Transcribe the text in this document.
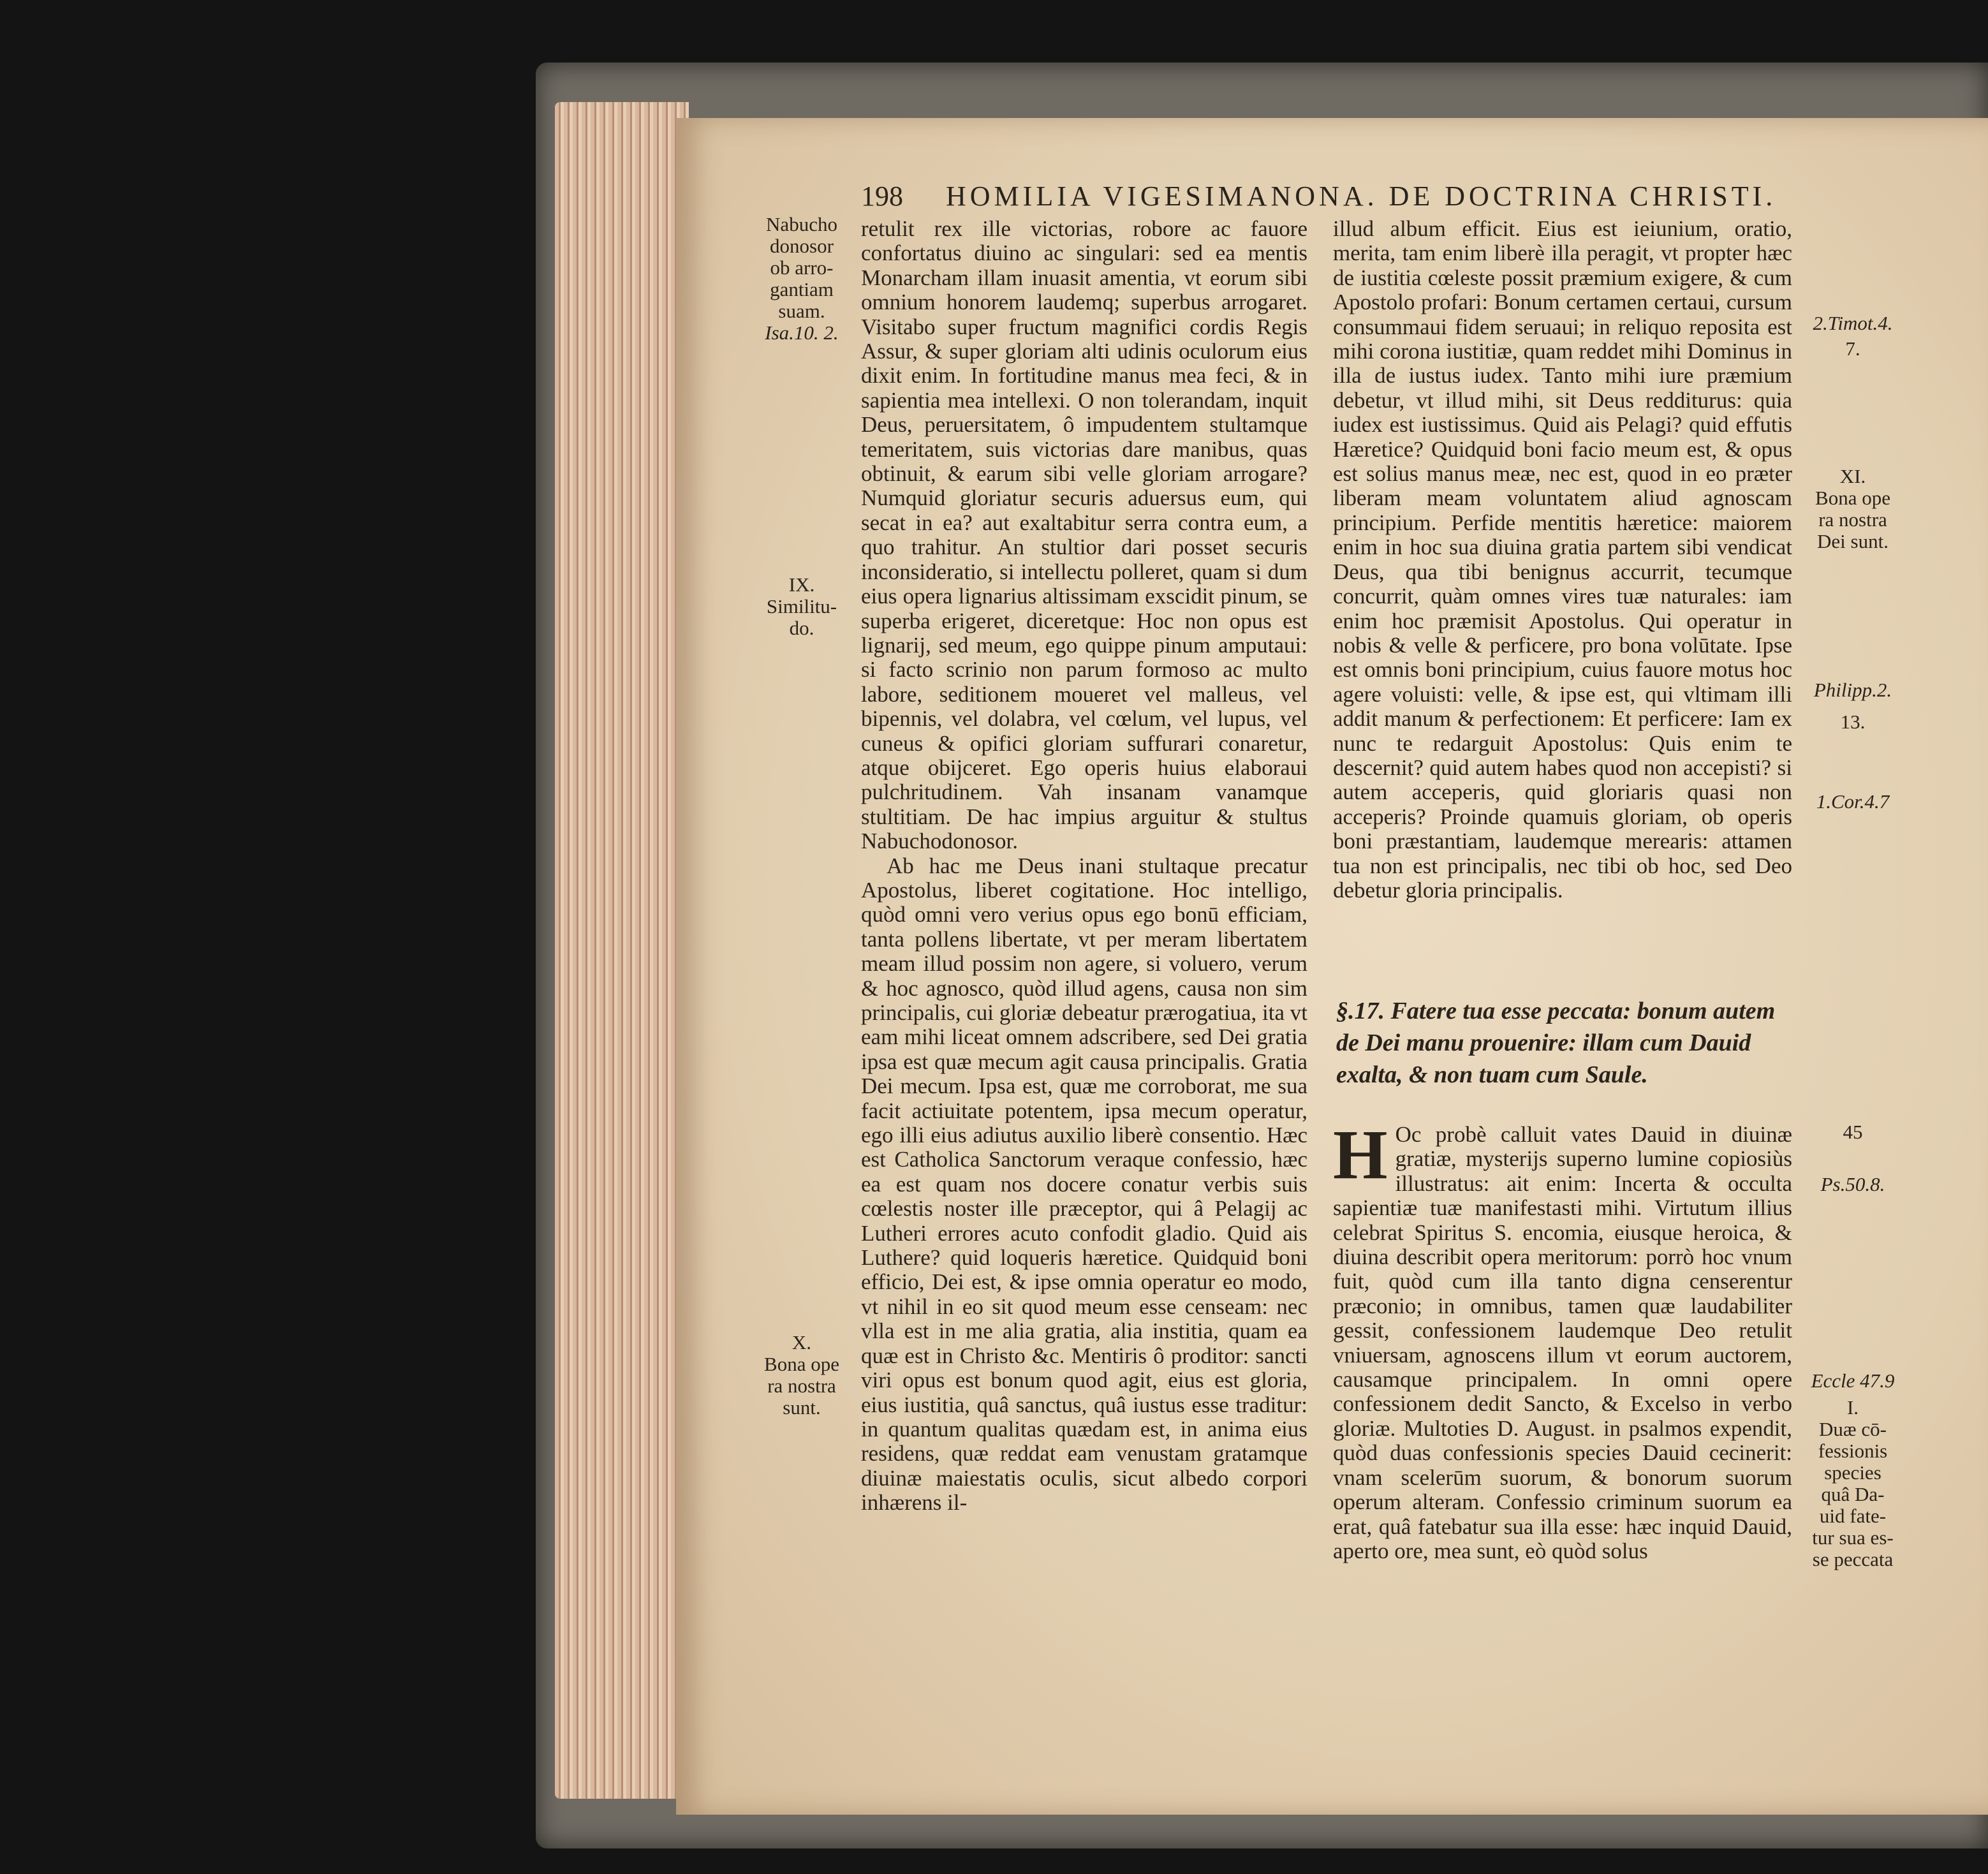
198 HOMILIA VIGESIMANONA. DE DOCTRINA CHRISTI.
Nabucho
donosor
ob arro-
gantiam
suam.
Isa.10. 2.
IX.
Similitu-
do.
X.
Bona ope
ra nostra
sunt.

retulit rex ille victorias, robore ac fauore confortatus diuino ac singulari: sed ea mentis Monarcham illam inuasit amentia, vt eorum sibi omnium honorem laudemq; superbus arrogaret. Visitabo super fructum magnifici cordis Regis Assur, & super gloriam alti udinis oculorum eius dixit enim. In fortitudine manus mea feci, & in sapientia mea intellexi. O non tolerandam, inquit Deus, peruersitatem, ô impudentem stultamque temeritatem, suis victorias dare manibus, quas obtinuit, & earum sibi velle gloriam arrogare? Numquid gloriatur securis aduersus eum, qui secat in ea? aut exaltabitur serra contra eum, a quo trahitur. An stultior dari posset securis inconsideratio, si intellectu polleret, quam si dum eius opera lignarius altissimam exscidit pinum, se superba erigeret, diceretque: Hoc non opus est lignarij, sed meum, ego quippe pinum amputaui: si facto scrinio non parum formoso ac multo labore, seditionem moueret vel malleus, vel bipennis, vel dolabra, vel cœlum, vel lupus, vel cuneus & opifici gloriam suffurari conaretur, atque obijceret. Ego operis huius elaboraui pulchritudinem. Vah insanam vanamque stultitiam. De hac impius arguitur & stultus Nabuchodonosor.

Ab hac me Deus inani stultaque precatur Apostolus, liberet cogitatione. Hoc intelligo, quòd omni vero verius opus ego bonū efficiam, tanta pollens libertate, vt per meram libertatem meam illud possim non agere, si voluero, verum & hoc agnosco, quòd illud agens, causa non sim principalis, cui gloriæ debeatur prærogatiua, ita vt eam mihi liceat omnem adscribere, sed Dei gratia ipsa est quæ mecum agit causa principalis. Gratia Dei mecum. Ipsa est, quæ me corroborat, me sua facit actiuitate potentem, ipsa mecum operatur, ego illi eius adiutus auxilio liberè consentio. Hæc est Catholica Sanctorum veraque confessio, hæc ea est quam nos docere conatur verbis suis cœlestis noster ille præceptor, qui â Pelagij ac Lutheri errores acuto confodit gladio. Quid ais Luthere? quid loqueris hæretice. Quidquid boni efficio, Dei est, & ipse omnia operatur eo modo, vt nihil in eo sit quod meum esse censeam: nec vlla est in me alia gratia, alia institia, quam ea quæ est in Christo &c. Mentiris ô proditor: sancti viri opus est bonum quod agit, eius est gloria, eius iustitia, quâ sanctus, quâ iustus esse traditur: in quantum qualitas quædam est, in anima eius residens, quæ reddat eam venustam gratamque diuinæ maiestatis oculis, sicut albedo corpori inhærens il-

illud album efficit. Eius est ieiunium, oratio, merita, tam enim liberè illa peragit, vt propter hæc de iustitia cœleste possit præmium exigere, & cum Apostolo profari: Bonum certamen certaui, cursum consummaui fidem seruaui; in reliquo reposita est mihi corona iustitiæ, quam reddet mihi Dominus in illa de iustus iudex. Tanto mihi iure præmium debetur, vt illud mihi, sit Deus redditurus: quia iudex est iustissimus. Quid ais Pelagi? quid effutis Hæretice? Quidquid boni facio meum est, & opus est solius manus meæ, nec est, quod in eo præter liberam meam voluntatem aliud agnoscam principium. Perfide mentitis hæretice: maiorem enim in hoc sua diuina gratia partem sibi vendicat Deus, qua tibi benignus accurrit, tecumque concurrit, quàm omnes vires tuæ naturales: iam enim hoc præmisit Apostolus. Qui operatur in nobis & velle & perficere, pro bona volūtate. Ipse est omnis boni principium, cuius fauore motus hoc agere voluisti: velle, & ipse est, qui vltimam illi addit manum & perfectionem: Et perficere: Iam ex nunc te redarguit Apostolus: Quis enim te descernit? quid autem habes quod non accepisti? si autem acceperis, quid gloriaris quasi non acceperis? Proinde quamuis gloriam, ob operis boni præstantiam, laudemque merearis: attamen tua non est principalis, nec tibi ob hoc, sed Deo debetur gloria principalis.

§.17. Fatere tua esse peccata: bonum autem de Dei manu prouenire: illam cum Dauid exalta, & non tuam cum Saule.

H Oc probè calluit vates Dauid in diuinæ gratiæ, mysterijs superno lumine copiosiùs illustratus: ait enim: Incerta & occulta sapientiæ tuæ manifestasti mihi. Virtutum illius celebrat Spiritus S. encomia, eiusque heroica, & diuina describit opera meritorum: porrò hoc vnum fuit, quòd cum illa tanto digna censerentur præconio; in omnibus, tamen quæ laudabiliter gessit, confessionem laudemque Deo retulit vniuersam, agnoscens illum vt eorum auctorem, causamque principalem. In omni opere confessionem dedit Sancto, & Excelso in verbo gloriæ. Multoties D. August. in psalmos expendit, quòd duas confessionis species Dauid cecinerit: vnam scelerūm suorum, & bonorum suorum operum alteram. Confessio criminum suorum ea erat, quâ fatebatur sua illa esse: hæc inquid Dauid, aperto ore, mea sunt, eò quòd solus

2.Timot.4.
7.
XI.
Bona ope
ra nostra
Dei sunt.
Philipp.2.
13.
1.Cor.4.7
45
Ps.50.8.
Eccle 47.9
I.
Duæ cō-
fessionis
species
quâ Da-
uid fate-
tur sua es-
se peccata
